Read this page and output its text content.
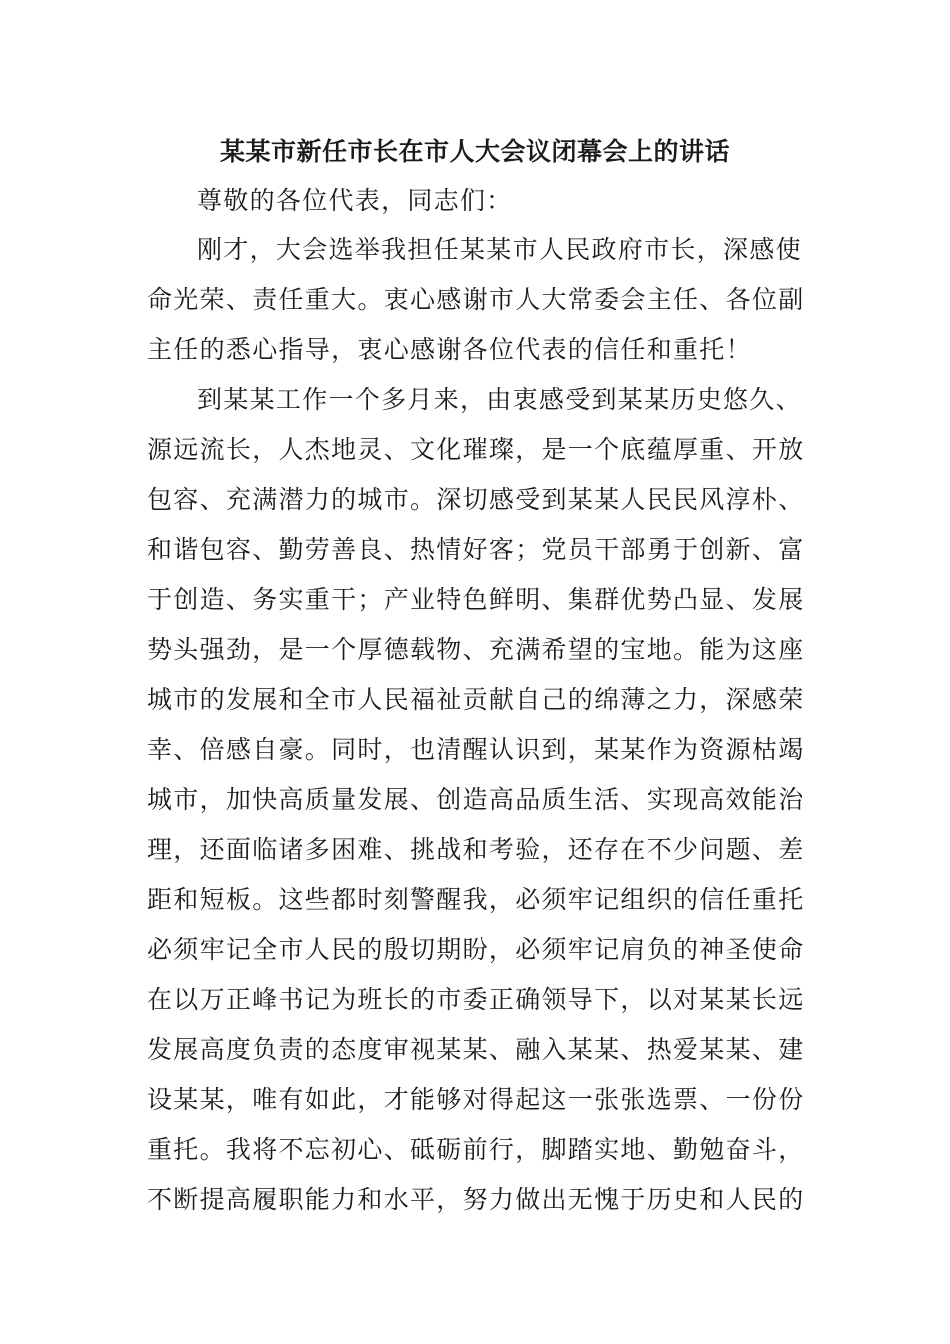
某某市新任市长在市人大会议闭幕会上的讲话
尊敬的各位代表，同志们：
刚才，大会选举我担任某某市人民政府市长，深感使
命光荣、责任重大。衷心感谢市人大常委会主任、各位副
主任的悉心指导，衷心感谢各位代表的信任和重托！
到某某工作一个多月来，由衷感受到某某历史悠久、
源远流长，人杰地灵、文化璀璨，是一个底蕴厚重、开放
包容、充满潜力的城市。深切感受到某某人民民风淳朴、
和谐包容、勤劳善良、热情好客；党员干部勇于创新、富
于创造、务实重干；产业特色鲜明、集群优势凸显、发展
势头强劲，是一个厚德载物、充满希望的宝地。能为这座
城市的发展和全市人民福祉贡献自己的绵薄之力，深感荣
幸、倍感自豪。同时，也清醒认识到，某某作为资源枯竭
城市，加快高质量发展、创造高品质生活、实现高效能治
理，还面临诸多困难、挑战和考验，还存在不少问题、差
距和短板。这些都时刻警醒我，必须牢记组织的信任重托
必须牢记全市人民的殷切期盼，必须牢记肩负的神圣使命
在以万正峰书记为班长的市委正确领导下，以对某某长远
发展高度负责的态度审视某某、融入某某、热爱某某、建
设某某，唯有如此，才能够对得起这一张张选票、一份份
重托。我将不忘初心、砥砺前行，脚踏实地、勤勉奋斗，
不断提高履职能力和水平，努力做出无愧于历史和人民的
